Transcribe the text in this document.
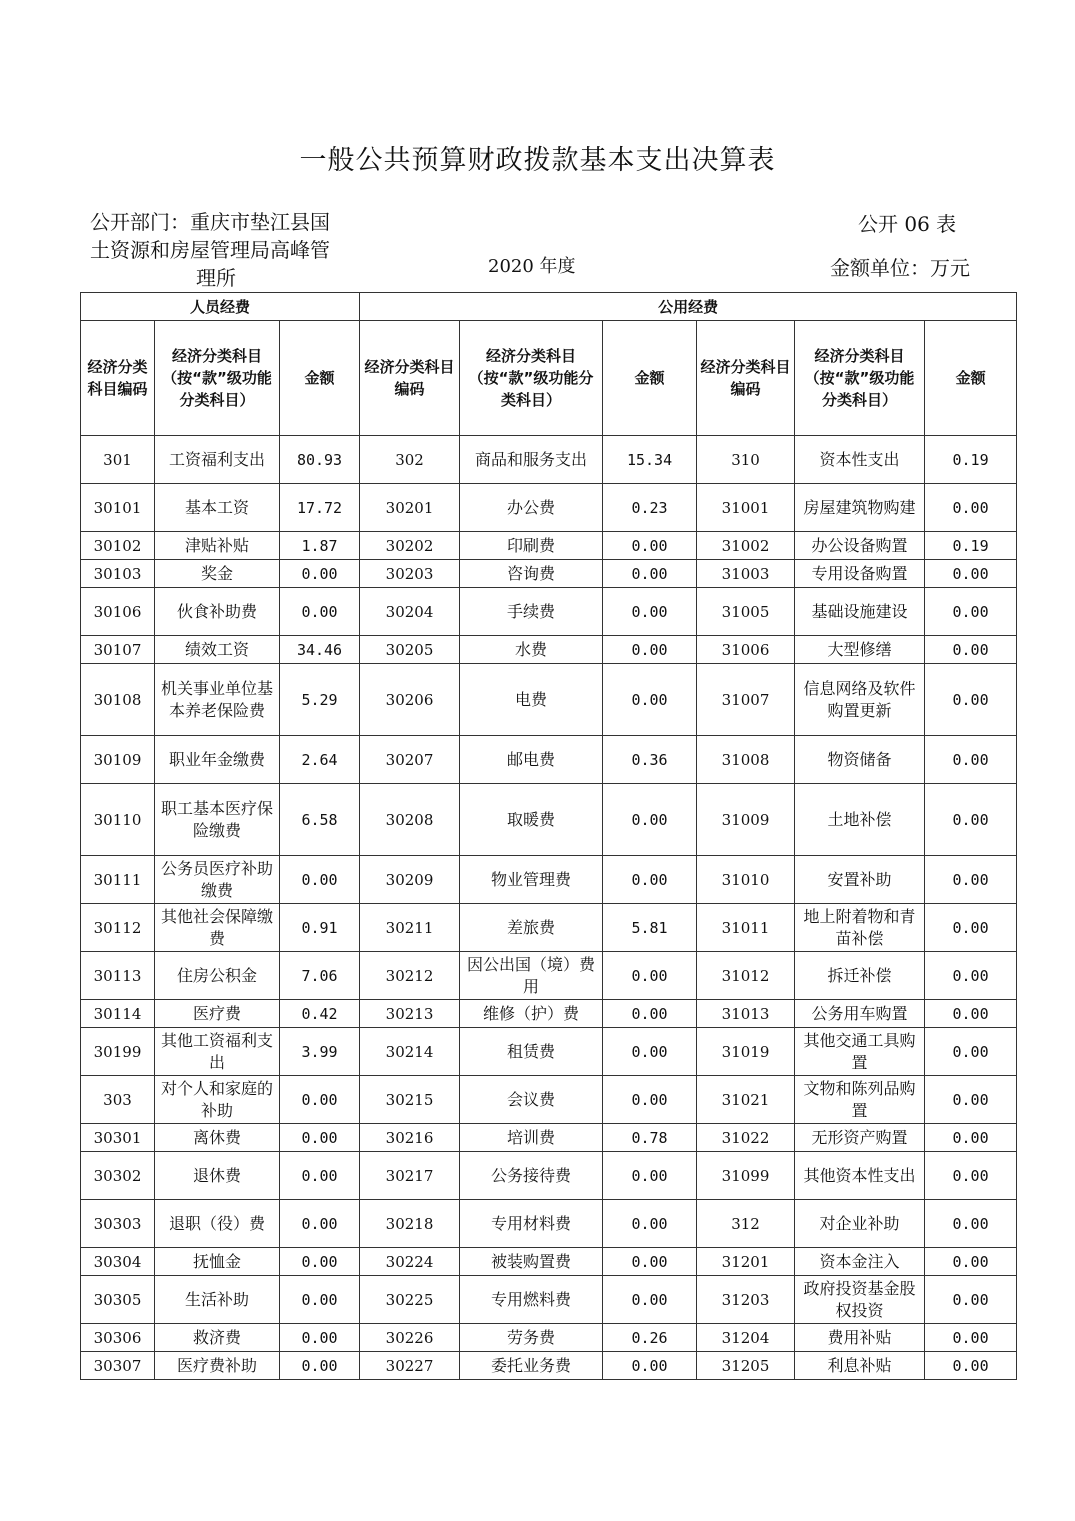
一般公共预算财政拨款基本支出决算表
公开部门：重庆市垫江县国
土资源和房屋管理局高峰管
理所
公开 06 表
2020 年度	金额单位：万元
人员经费			公用经费					
经济分类科目编码	经济分类科目（按“款”级功能分类科目）	金额	经济分类科目编码	经济分类科目（按“款”级功能分类科目）	金额	经济分类科目编码	经济分类科目（按“款”级功能分类科目）	金额
301	工资福利支出	80.93	302	商品和服务支出	15.34	310	资本性支出	0.19
30101	基本工资	17.72	30201	办公费	0.23	31001	房屋建筑物购建	0.00
30102	津贴补贴	1.87	30202	印刷费	0.00	31002	办公设备购置	0.19
30103	奖金	0.00	30203	咨询费	0.00	31003	专用设备购置	0.00
30106	伙食补助费	0.00	30204	手续费	0.00	31005	基础设施建设	0.00
30107	绩效工资	34.46	30205	水费	0.00	31006	大型修缮	0.00
30108	机关事业单位基本养老保险费	5.29	30206	电费	0.00	31007	信息网络及软件购置更新	0.00
30109	职业年金缴费	2.64	30207	邮电费	0.36	31008	物资储备	0.00
30110	职工基本医疗保险缴费	6.58	30208	取暖费	0.00	31009	土地补偿	0.00
30111	公务员医疗补助缴费	0.00	30209	物业管理费	0.00	31010	安置补助	0.00
30112	其他社会保障缴费	0.91	30211	差旅费	5.81	31011	地上附着物和青苗补偿	0.00
30113	住房公积金	7.06	30212	因公出国（境）费用	0.00	31012	拆迁补偿	0.00
30114	医疗费	0.42	30213	维修（护）费	0.00	31013	公务用车购置	0.00
30199	其他工资福利支出	3.99	30214	租赁费	0.00	31019	其他交通工具购置	0.00
303	对个人和家庭的补助	0.00	30215	会议费	0.00	31021	文物和陈列品购置	0.00
30301	离休费	0.00	30216	培训费	0.78	31022	无形资产购置	0.00
30302	退休费	0.00	30217	公务接待费	0.00	31099	其他资本性支出	0.00
30303	退职（役）费	0.00	30218	专用材料费	0.00	312	对企业补助	0.00
30304	抚恤金	0.00	30224	被装购置费	0.00	31201	资本金注入	0.00
30305	生活补助	0.00	30225	专用燃料费	0.00	31203	政府投资基金股权投资	0.00
30306	救济费	0.00	30226	劳务费	0.26	31204	费用补贴	0.00
30307	医疗费补助	0.00	30227	委托业务费	0.00	31205	利息补贴	0.00
